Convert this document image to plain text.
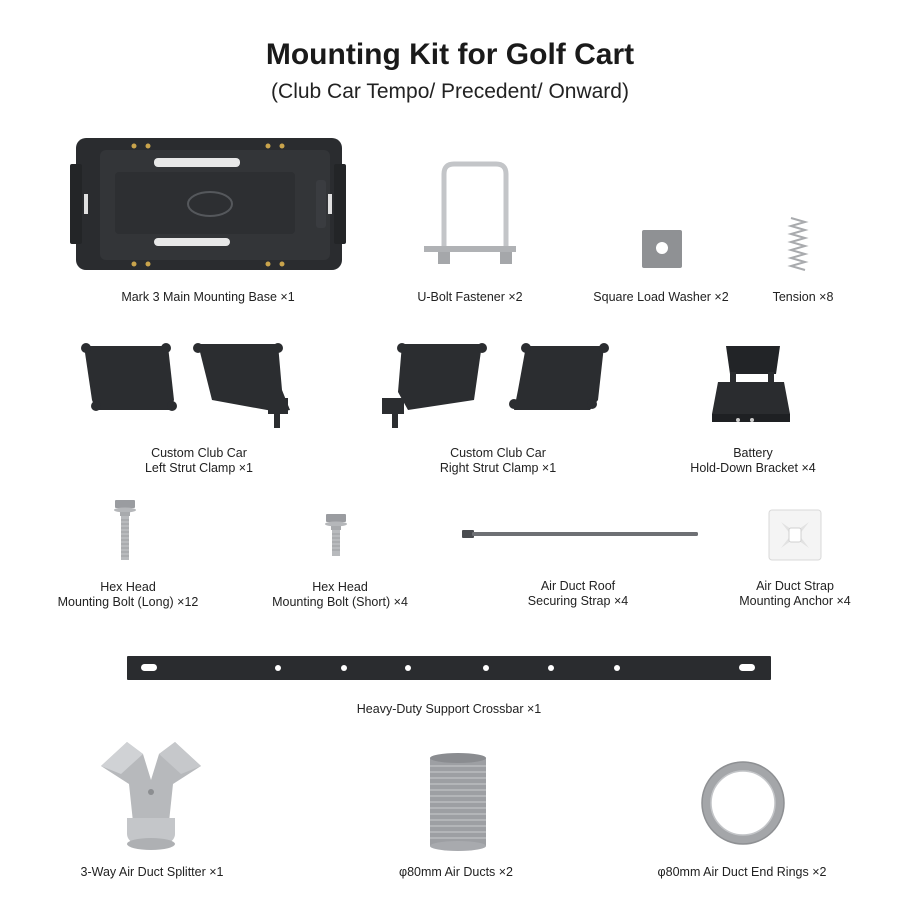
Mounting Kit for Golf Cart
(Club Car Tempo/ Precedent/ Onward)
Mark 3 Main Mounting Base ×1	U-Bolt Fastener ×2	Square Load Washer ×2	Tension ×8
Custom Club Car
Left Strut Clamp ×1
Custom Club Car
Right Strut Clamp ×1
Battery
Hold-Down Bracket ×4
Hex Head
Mounting Bolt (Long) ×12
Hex Head
Mounting Bolt (Short) ×4
Air Duct Roof
Securing Strap ×4
Air Duct Strap
Mounting Anchor ×4
Heavy-Duty Support Crossbar ×1
3-Way Air Duct Splitter ×1	φ80mm Air Ducts ×2	φ80mm Air Duct End Rings ×2
